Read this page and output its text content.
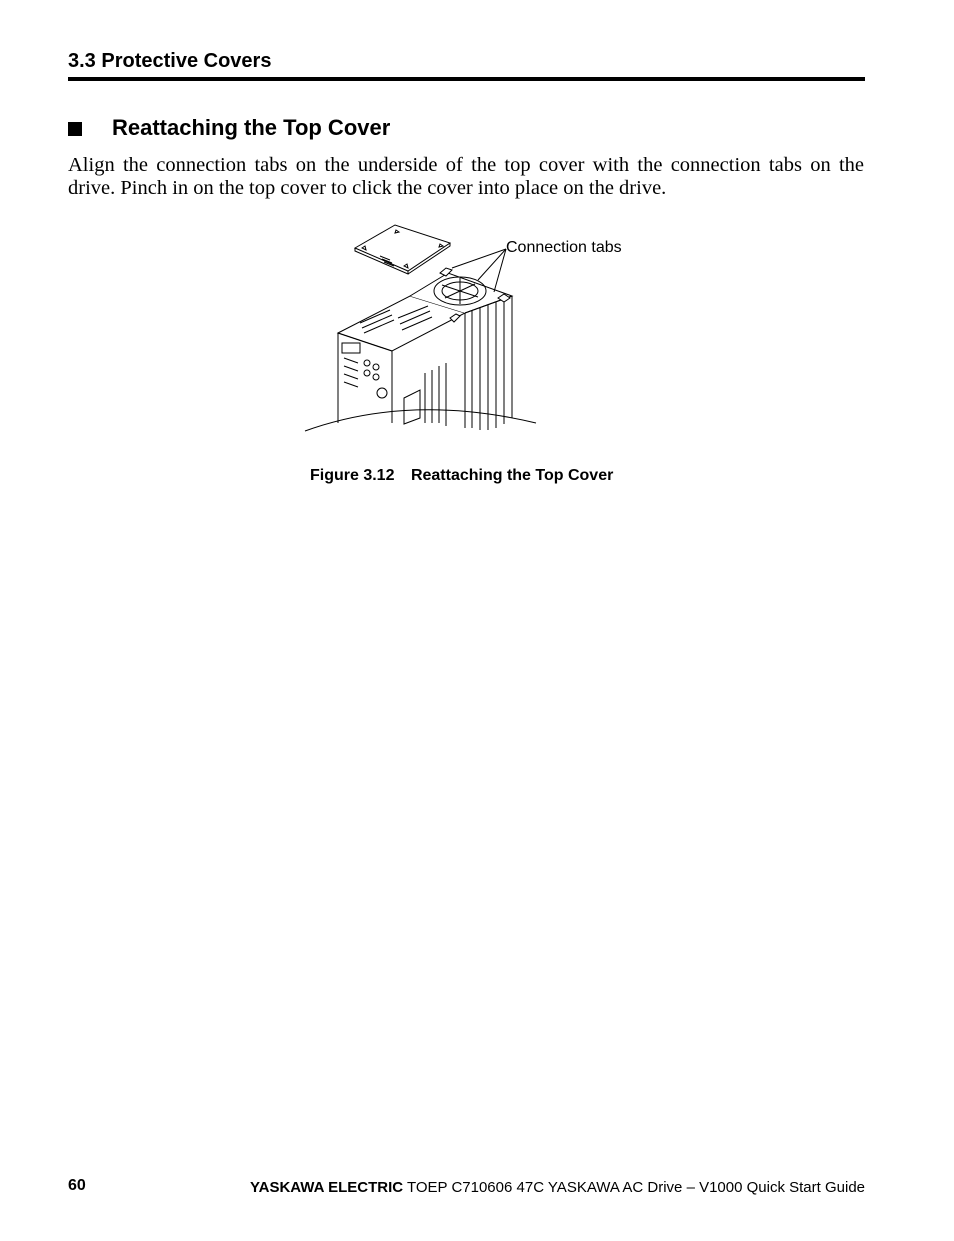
3.3 Protective Covers
Reattaching the Top Cover
Align the connection tabs on the underside of the top cover with the connection tabs on the drive. Pinch in on the top cover to click the cover into place on the drive.
Connection tabs
Figure 3.12 Reattaching the Top Cover
60	YASKAWA ELECTRIC TOEP C710606 47C YASKAWA AC Drive – V1000 Quick Start Guide
